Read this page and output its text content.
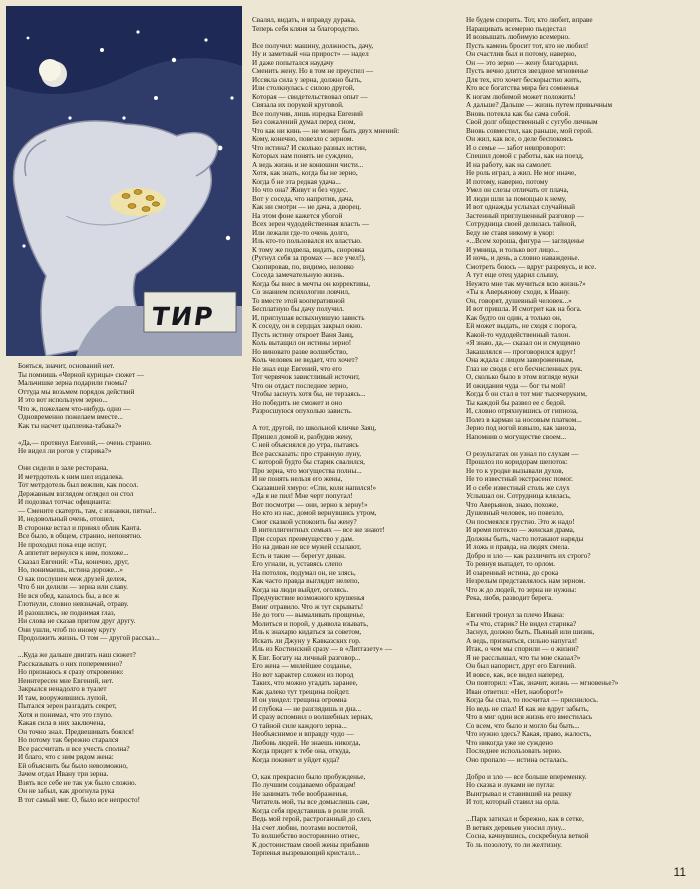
ТИР

Бояться, значит, оснований нет.

Ты помнишь «Черной курицы» сюжет —

Мальчишке зерна подарили гномы?

Оттуда мы возьмем порядок действий

И это вот используем зерно...

Что ж, пожелаем что-нибудь одно —

Одновременно пожелаем вместе...

Как ты насчет цыпленка-табака?»

«Да,— протянул Евгений,— очень странно.

Не видел ли рогов у старика?»

Они сидели в зале ресторана,

И метрдотель к ним шел издалека.

Тот метрдотель был вежлив, как посол.

Державным взглядом оглядел он стол

И подозвал тотчас официанта:

— Смените скатерть, там, с изнанки, пятна!..

И, недовольный очень, отошел,

В сторонке встал и принял облик Канта.

Все было, в общем, странно, непонятно.

Не проходил пока еще испуг,

А аппетит вернулся к ним, похоже...

Сказал Евгений: «Ты, конечно, друг,

Но, понимаешь, истина дороже...»

О как послушен меж друзей дележ,

Что б ни делили — зерна или славу.

Не вся обед, казалось бы, а все ж

Глотнули, словно невзначай, отраву.

И разошлись, не поднимая глаз,

Ни слова не сказав притом друг другу.

Они ушли, чтоб по иному кругу

Продолжить жизнь. О том — другой рассказ...

...Куда же дальше двигать наш сюжет?

Рассказывать о них попеременно?

Но признаюсь я сразу откровенно:

Неинтересен мне Евгений, нет.

Закрылся ненадолго в туалет

И там, вооружившись лупой,

Пытался зерен разгадать секрет,

Хотя и понимал, что это глупо.

Какая сила в них заключена,

Он точно знал. Предвешивать боялся!

Но потому так бережно старался

Все рассчитать и все учесть сполна?

И благо, что с ним рядом жена:

Ей объяснить бы было невозможно,

Зачем отдал Ивану три зерна.

Взять все себе не так уж было сложно.

Он не забыл, как дрогнула рука

В тот самый миг. О, было все непросто!

Свалял, видать, и вправду дурака,

Теперь себя кляня за благородство.

Все получил: машину, должность, дачу,

Ну и заметный «на прирост» — надел

И даже попытался наудачу

Сменить жену. Но в том не преуспел —

Иссякла сила у зерна, должно быть,

Или столкнулась с силою другой,

Которая — свидетельствовал опыт —

Связала их порукой круговой.

Все получив, лишь изредка Евгений

Без сожалений думал перед сном,

Что как ни кинь — не может быть двух мнений:

Кому, конечно, повезло с зерном.

Что истина? И сколько разных истин,

Которых нам понять не суждено,

А ведь жизнь и не конюшни чисти...

Хотя, как знать, когда бы не зерно,

Когда б не эта редкая удача...

Но что она? Живут и без чудес.

Вот у соседа, что напротив, дача,

Как ни смотри — не дача, а дворец.

На этом фоне кажется убогой

Всех зерен чудодейственная власть —

Или лежали где-то очень долго,

Иль кто-то пользовался их властью.

К тому же подвела, видать, сноровка

(Ругнул себя за промах — все учел!),

Скопировав, по, видимо, неловко

Соседа замечательную жизнь.

Когда бы внес в мечты он коррективы,

Со знанием психологии ловчил,

То вместе этой кооперативной

Бесплатную бы дачу получил.

И, приглушая вспыхнувшую зависть

К соседу, он в сердцах закрыл окно.

Пусть истину откроет Ваня Заяц,

Коль вытащил он истины зерно!

Но виновато разве волшебство,

Коль человек не ведает, что хочет?

Не знал еще Евгений, что его

Тот червячок завистливый источит,

Что он отдаст последнее зерно,

Чтобы заснуть хотя бы, не терзаясь...

Но победить не сможет и оно

Разросшуюся опухолью зависть.

А тот, другой, по школьной кличке Заяц,

Пришел домой и, разбудив жену,

С ней объяснялся до утра, пытаясь

Все рассказать: про странную луну,

С которой будто бы старик свалился,

Про зерна, что могущества полны...

И не понять нельзя его жены,

Сказавшей хмуро: «Спи, коли напился!»

«Да я не пил! Мне черт попутал!

Вот посмотри — они, зерно к зерну!»

Но кто из нас, домой вернувшись утром,

Смог сказкой успокоить бы жену?

В интеллигентных семьях — все же знают!

При ссорах преимущество у дам.

Но на диван не все мужей ссылают,

Есть и такие — берегут диван.

Его угнали, и, уставясь слепо

На потолок, подумал он, не злясь,

Как часто правда выглядит нелепо,

Когда на люди выйдет, оголясь.

Предчувствие возможного крушенья

Вмиг отравило. Что ж тут скрывать!

Не до того — вымаливать прощенье,

Молиться и порой, у дьявола взывать,

Иль к знахарю кидаться за советом,

Искать ли Джуну у Кавказских гор.

Иль из Костинский сразу — в «Литгазету» —

К Евг. Богату на личный разговор...

Его жена — милейшее созданье,

Но вот характер сложен из пород

Таких, что можно угадать заранее,

Как далеко тут трещина пойдет.

И он увидел: трещина огромна

И глубока — не разглядишь и дна...

И сразу вспомнил о волшебных зернах,

О тайной силе каждого зерна...

Необъяснимое и вправду чудо —

Любовь людей. Не знаешь никогда,

Когда придет к тебе она, откуда,

Когда покинет и уйдет куда?

О, как прекрасно было пробужденье,

По лучшим создаваемо образцам!

Не занимать тебе воображенья,

Читатель мой, ты все домыслишь сам,

Когда себя представишь в роли этой.

Ведь мой герой, растроганный до слез,

На счет любви, поэтами воспетой,

То волшебство восторженно отнес,

К достоинствам своей жены прибавив

Терпенья вызревающий кристалл...

Не будем спорить. Тот, кто любит, вправе

Наращивать всемерно пьедестал

И возвышать любимую всемерно.

Пусть камень бросит тот, кто не любил!

Он счастлив был и потому, наверно,

Он — это зерно — жену благодарил.

Пусть вечно длится звездное мгновенье

Для тех, кто хочет бескорыстно жить,

Кто все богатства мира без сомненья

К ногам любимой может положить!

А дальше? Дальше — жизнь путем привычным

Вновь потекла как бы сама собой.

Свой долг общественный с сугубо личным

Вновь совместил, как раньше, мой герой.

Он жил, как все, о деле беспокоясь

И о семье — забот невпроворот:

Спешил домой с работы, как на поезд,

И на работу, как на самолет.

Не роль играл, а жил. Не мог иначе,

И потому, наверно, потому

Умел он слезы отличать от плача,

И люди шли за помощью к нему,

И вот однажды услыхал случайный

Застенный приглушенный разговор —

Сотрудница своей делилась тайной,

Беду не ставя никому в укор:

«...Всем хороша, фигура — загляденье

И умница, и только вот лицо...

И ночь, и день, а словно наважденье.

Смотреть боюсь — вдруг разревусь, и все.

А тут еще отец ударил слышу,

Неужто мне так мучиться всю жизнь?»

«Ты к Аверьянову сходи, к Ивану.

Он, говорят, душевный человек...»

И вот пришла. И смотрит как на бога.

Как будто он один, а только он,

Ей может выдать, не сходя с порога,

Какой-то чудодейственный талон.

«Я знаю, да,— сказал он и смущенно

Закашлялся — проговорился вдруг!

Она ждала с лицом завороженным,

Глаз не сводя с его бесчисленных рук.

О, сколько было в этом взгляде муки

И ожидания чуда — бог ты мой!

Когда б он стал в тот миг тысячеруким,

Ты каждой бы развел ее с бедой.

И, словно отряхнувшись от гипноза,

Полез в карман за носовым платком...

Зерно под ногой взвыло, как заноза,

Напомнив о могуществе своем...

О результатах он узнал по слухам —

Прошлоз по коридорам шепоток:

Не то к уродке вызывали духов,

Не то известный экстрасенс помог.

И о себе известный столь же слух

Услышал он. Сотрудница клялась,

Что Аверьянов, знаю, похоже,

Душевный человек, но повезло,

Он посмеялся грустно. Это ж надо!

И время потекло — женская драма,

Должны быть, часто потакают наряды

И ложь и правда, на людях смела.

Добро и зло — как различить их строго?

То ревнуя выпадет, то орлом.

И озаренный истина, до срока

Незрелым представлялось нам зерном.

Что ж до людей, то зерна не нужны:

Река, любя, разводит берега.

Евгений тронул за плечо Ивана:

«Ты что, старик? Не видел старика?

Заснул, должно быть. Пьяный или шизик,

А ведь, признаться, сильно напугал!

Итак, о чем мы спорили — о жизни?

Я не расслышал, что ты мне сказал?»

Он был напорист, друг его Евгений.

И вовсе, как, все видел наперед.

Он повторил: «Так, значит, жизнь — мгновенье?»

Иван ответил: «Нет, наоборот!»

Когда бы спал, то посчитал — приснилось.

Но ведь не спал! И как же вдруг забыть,

Что в миг один вся жизнь его вместилась

Со всем, что было и могло бы быть...

Что нужно здесь? Какая, право, жалость,

Что никогда уже не суждено

Последнее использовать зерно.

Оно пропало — истина осталась.

Добро и зло — все больше впеременку.

Но сказка и луками не пугла:

Выигрывал и ставивший на решку

И тот, который ставил на орла.

...Парк затихал и бережно, как в сетке,

В ветвях деревьев уносил луну...

Сосна, качнувшись, соскребнула веткой

То ль позолоту, то ли желтизну.

11
